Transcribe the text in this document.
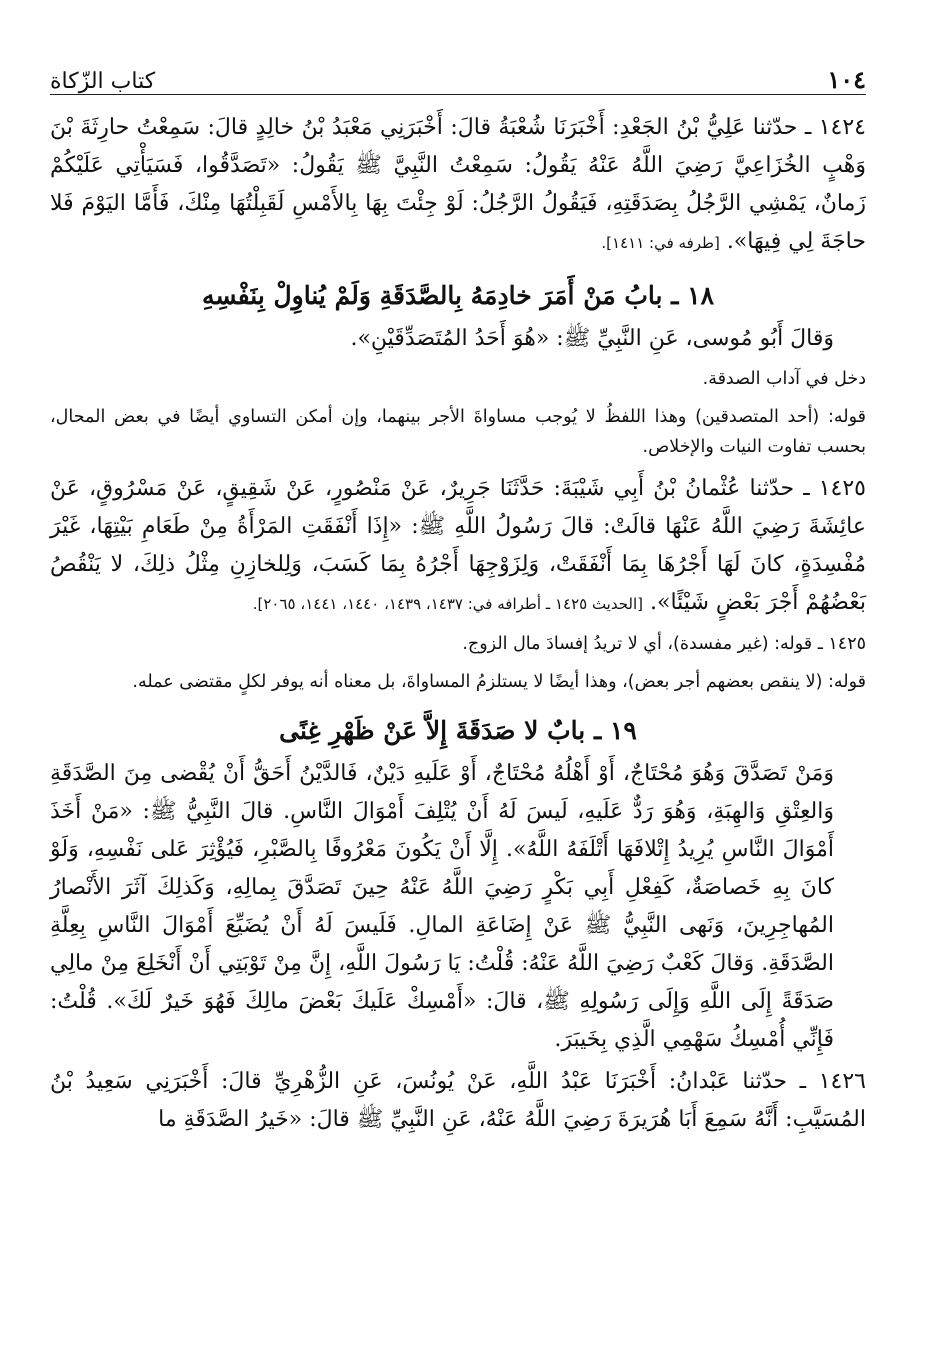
١٠٤
كتاب الزّكاة

١٤٢٤ ـ حدّثنا عَلِيُّ بْنُ الجَعْدِ: أَخْبَرَنَا شُعْبَةُ قالَ: أَخْبَرَنِي مَعْبَدُ بْنُ خالِدٍ قالَ: سَمِعْتُ حارِثَةَ بْنَ وَهْبٍ الخُزَاعِيَّ رَضِيَ اللَّهُ عَنْهُ يَقُولُ: سَمِعْتُ النَّبِيَّ ﷺ يَقُولُ: «تَصَدَّقُوا، فَسَيَأْتِي عَلَيْكُمْ زَمانٌ، يَمْشِي الرَّجُلُ بِصَدَقَتِهِ، فَيَقُولُ الرَّجُلُ: لَوْ جِئْتَ بِهَا بِالأَمْسِ لَقَبِلْتُهَا مِنْكَ، فَأَمَّا اليَوْمَ فَلا حاجَةَ لِي فِيهَا». [طرفه في: ١٤١١].

١٨ ـ بابُ مَنْ أَمَرَ خادِمَهُ بِالصَّدَقَةِ وَلَمْ يُناوِلْ بِنَفْسِهِ

وَقالَ أَبُو مُوسى، عَنِ النَّبِيِّ ﷺ: «هُوَ أَحَدُ المُتَصَدِّقَيْنِ».

دخل في آداب الصدقة.

قوله: (أحد المتصدقين) وهذا اللفظُ لا يُوجب مساواةَ الأجر بينهما، وإن أمكن التساوي أيضًا في بعض المحال، بحسب تفاوت النيات والإخلاص.

١٤٢٥ ـ حدّثنا عُثْمانُ بْنُ أَبِي شَيْبَةَ: حَدَّثَنَا جَرِيرٌ، عَنْ مَنْصُورٍ، عَنْ شَقِيقٍ، عَنْ مَسْرُوقٍ، عَنْ عائِشَةَ رَضِيَ اللَّهُ عَنْهَا قالَتْ: قالَ رَسُولُ اللَّهِ ﷺ: «إِذَا أَنْفَقَتِ المَرْأَةُ مِنْ طَعَامِ بَيْتِهَا، غَيْرَ مُفْسِدَةٍ، كانَ لَهَا أَجْرُهَا بِمَا أَنْفَقَتْ، وَلِزَوْجِهَا أَجْرُهُ بِمَا كَسَبَ، وَلِلخازِنِ مِثْلُ ذلِكَ، لا يَنْقُصُ بَعْضُهُمْ أَجْرَ بَعْضٍ شَيْئًا». [الحديث ١٤٢٥ ـ أطرافه في: ١٤٣٧، ١٤٣٩، ١٤٤٠، ١٤٤١، ٢٠٦٥].

١٤٢٥ ـ قوله: (غير مفسدة)، أي لا تريدُ إفسادَ مال الزوج.

قوله: (لا ينقص بعضهم أجر بعض)، وهذا أيضًا لا يستلزمُ المساواةَ، بل معناه أنه يوفر لكلٍ مقتضى عمله.

١٩ ـ بابٌ لا صَدَقَةَ إِلاَّ عَنْ ظَهْرِ غِنًى

وَمَنْ تَصَدَّقَ وَهُوَ مُحْتَاجٌ، أَوْ أَهْلُهُ مُحْتَاجٌ، أَوْ عَلَيهِ دَيْنٌ، فَالدَّيْنُ أَحَقُّ أَنْ يُقْضى مِنَ الصَّدَقَةِ وَالعِتْقِ وَالهِبَةِ، وَهُوَ رَدٌّ عَلَيهِ، لَيسَ لَهُ أَنْ يُتْلِفَ أَمْوَالَ النَّاسِ. قالَ النَّبِيُّ ﷺ: «مَنْ أَخَذَ أَمْوَالَ النَّاسِ يُرِيدُ إِتْلافَهَا أَتْلَفَهُ اللَّهُ». إِلَّا أَنْ يَكُونَ مَعْرُوفًا بِالصَّبْرِ، فَيُؤْثِرَ عَلى نَفْسِهِ، وَلَوْ كانَ بِهِ خَصاصَةٌ، كَفِعْلِ أَبِي بَكْرٍ رَضِيَ اللَّهُ عَنْهُ حِينَ تَصَدَّقَ بِمالِهِ، وَكَذلِكَ آثَرَ الأَنْصارُ المُهاجِرِينَ، وَنَهى النَّبِيُّ ﷺ عَنْ إِضَاعَةِ المالِ. فَلَيسَ لَهُ أَنْ يُضَيِّعَ أَمْوَالَ النَّاسِ بِعِلَّةِ الصَّدَقَةِ. وَقالَ كَعْبٌ رَضِيَ اللَّهُ عَنْهُ: قُلْتُ: يَا رَسُولَ اللَّهِ، إِنَّ مِنْ تَوْبَتِي أَنْ أَنْخَلِعَ مِنْ مالِي صَدَقَةً إِلَى اللَّهِ وَإِلَى رَسُولِهِ ﷺ، قالَ: «أَمْسِكْ عَلَيكَ بَعْضَ مالِكَ فَهُوَ خَيرٌ لَكَ». قُلْتُ: فَإِنِّي أُمْسِكُ سَهْمِي الَّذِي بِخَيبَرَ.

١٤٢٦ ـ حدّثنا عَبْدانُ: أَخْبَرَنَا عَبْدُ اللَّهِ، عَنْ يُونُسَ، عَنِ الزُّهْرِيِّ قالَ: أَخْبَرَنِي سَعِيدُ بْنُ المُسَيَّبِ: أَنَّهُ سَمِعَ أَبَا هُرَيرَةَ رَضِيَ اللَّهُ عَنْهُ، عَنِ النَّبِيِّ ﷺ قالَ: «خَيرُ الصَّدَقَةِ ما
